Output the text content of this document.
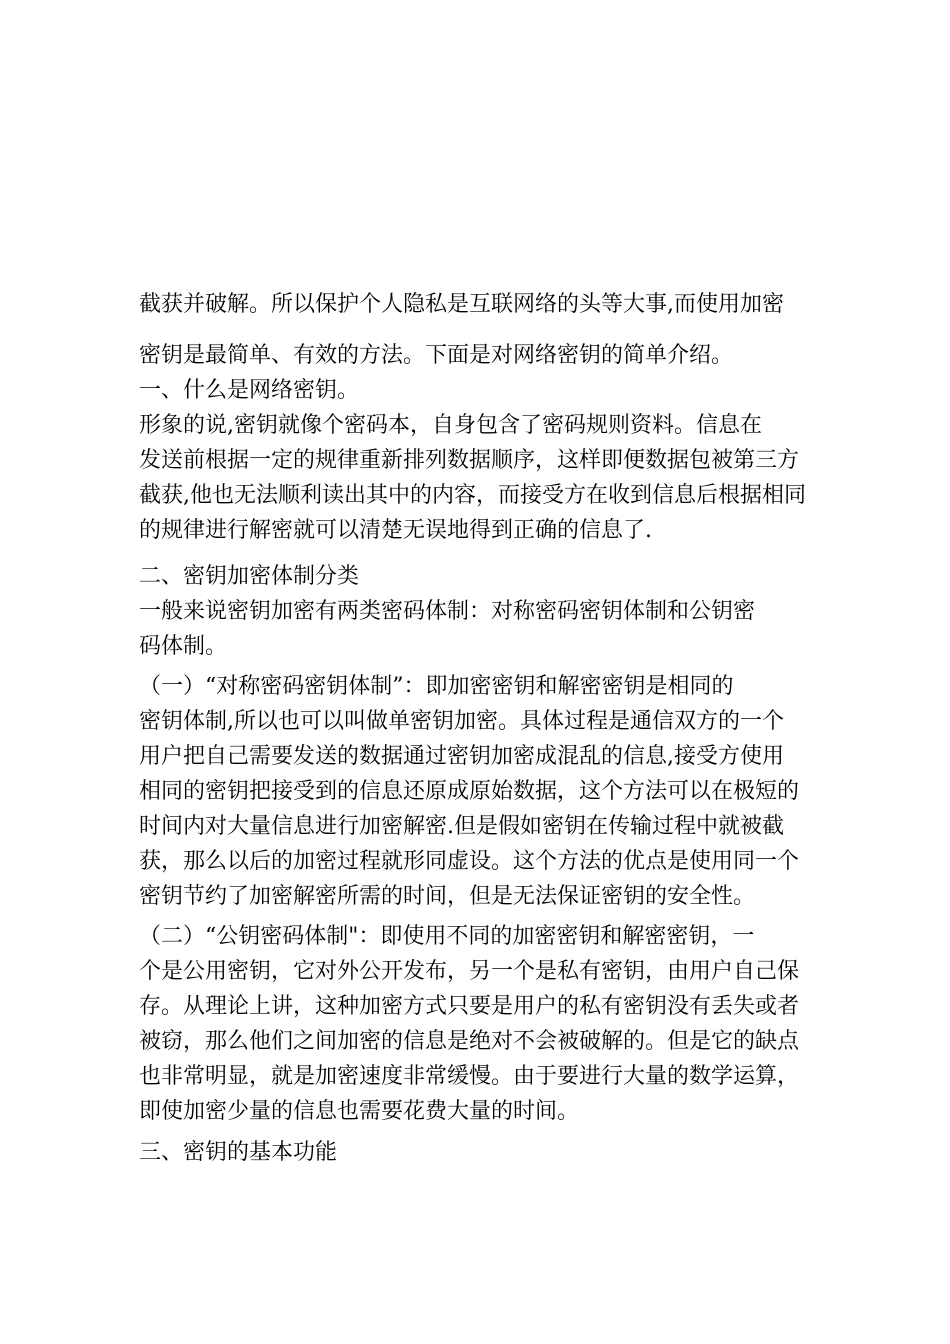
截获并破解。所以保护个人隐私是互联网络的头等大事,而使用加密
密钥是最简单、有效的方法。下面是对网络密钥的简单介绍。
一、什么是网络密钥。
形象的说,密钥就像个密码本，自身包含了密码规则资料。信息在
发送前根据一定的规律重新排列数据顺序，这样即便数据包被第三方
截获,他也无法顺利读出其中的内容，而接受方在收到信息后根据相同
的规律进行解密就可以清楚无误地得到正确的信息了.
二、密钥加密体制分类
一般来说密钥加密有两类密码体制：对称密码密钥体制和公钥密
码体制。
（一）“对称密码密钥体制”：即加密密钥和解密密钥是相同的
密钥体制,所以也可以叫做单密钥加密。具体过程是通信双方的一个
用户把自己需要发送的数据通过密钥加密成混乱的信息,接受方使用
相同的密钥把接受到的信息还原成原始数据，这个方法可以在极短的
时间内对大量信息进行加密解密.但是假如密钥在传输过程中就被截
获，那么以后的加密过程就形同虚设。这个方法的优点是使用同一个
密钥节约了加密解密所需的时间，但是无法保证密钥的安全性。
（二）“公钥密码体制"：即使用不同的加密密钥和解密密钥，一
个是公用密钥，它对外公开发布，另一个是私有密钥，由用户自己保
存。从理论上讲，这种加密方式只要是用户的私有密钥没有丢失或者
被窃，那么他们之间加密的信息是绝对不会被破解的。但是它的缺点
也非常明显，就是加密速度非常缓慢。由于要进行大量的数学运算，
即使加密少量的信息也需要花费大量的时间。
三、密钥的基本功能
